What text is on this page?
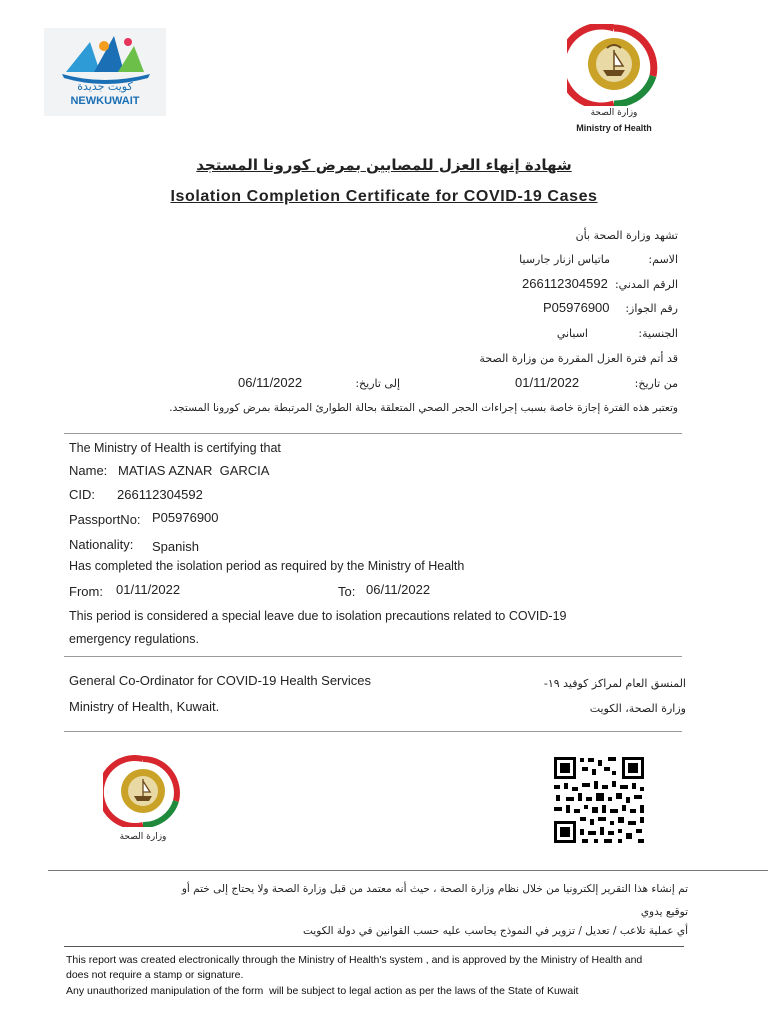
كويت جديدة
NEWKUWAIT
وزارة الصحة
Ministry of Health
شهادة إنهاء العزل للمصابين بمرض كورونا المستجد
Isolation Completion Certificate for COVID-19 Cases
تشهد وزارة الصحة بأن
الاسم:
ماتياس ازنار جارسيا
الرقم المدني:
266112304592
رقم الجواز:
P05976900
الجنسية:
اسباني
قد أتم فترة العزل المقررة من وزارة الصحة
من تاريخ:
01/11/2022
إلى تاريخ:
06/11/2022
وتعتبر هذه الفترة إجازة خاصة بسبب إجراءات الحجر الصحي المتعلقة بحالة الطوارئ المرتبطة بمرض كورونا المستجد.
The Ministry of Health is certifying that
Name: MATIAS AZNAR  GARCIA
CID: 266112304592
PassportNo: P05976900
Nationality: Spanish
Has completed the isolation period as required by the Ministry of Health
From: 01/11/2022	To: 06/11/2022
This period is considered a special leave due to isolation precautions related to COVID-19
emergency regulations.
General Co-Ordinator for COVID-19 Health Services
Ministry of Health, Kuwait.
المنسق العام لمراكز كوفيد ١٩-
وزارة الصحة، الكويت
وزارة الصحة
تم إنشاء هذا التقرير إلكترونيا من خلال نظام وزارة الصحة ، حيث أنه معتمد من قبل وزارة الصحة ولا يحتاج إلى ختم أو
توقيع يدوي
أي عملية تلاعب / تعديل / تزوير في النموذج يحاسب عليه حسب القوانين في دولة الكويت
This report was created electronically through the Ministry of Health's system , and is approved by the Ministry of Health and
does not require a stamp or signature.
Any unauthorized manipulation of the form  will be subject to legal action as per the laws of the State of Kuwait
